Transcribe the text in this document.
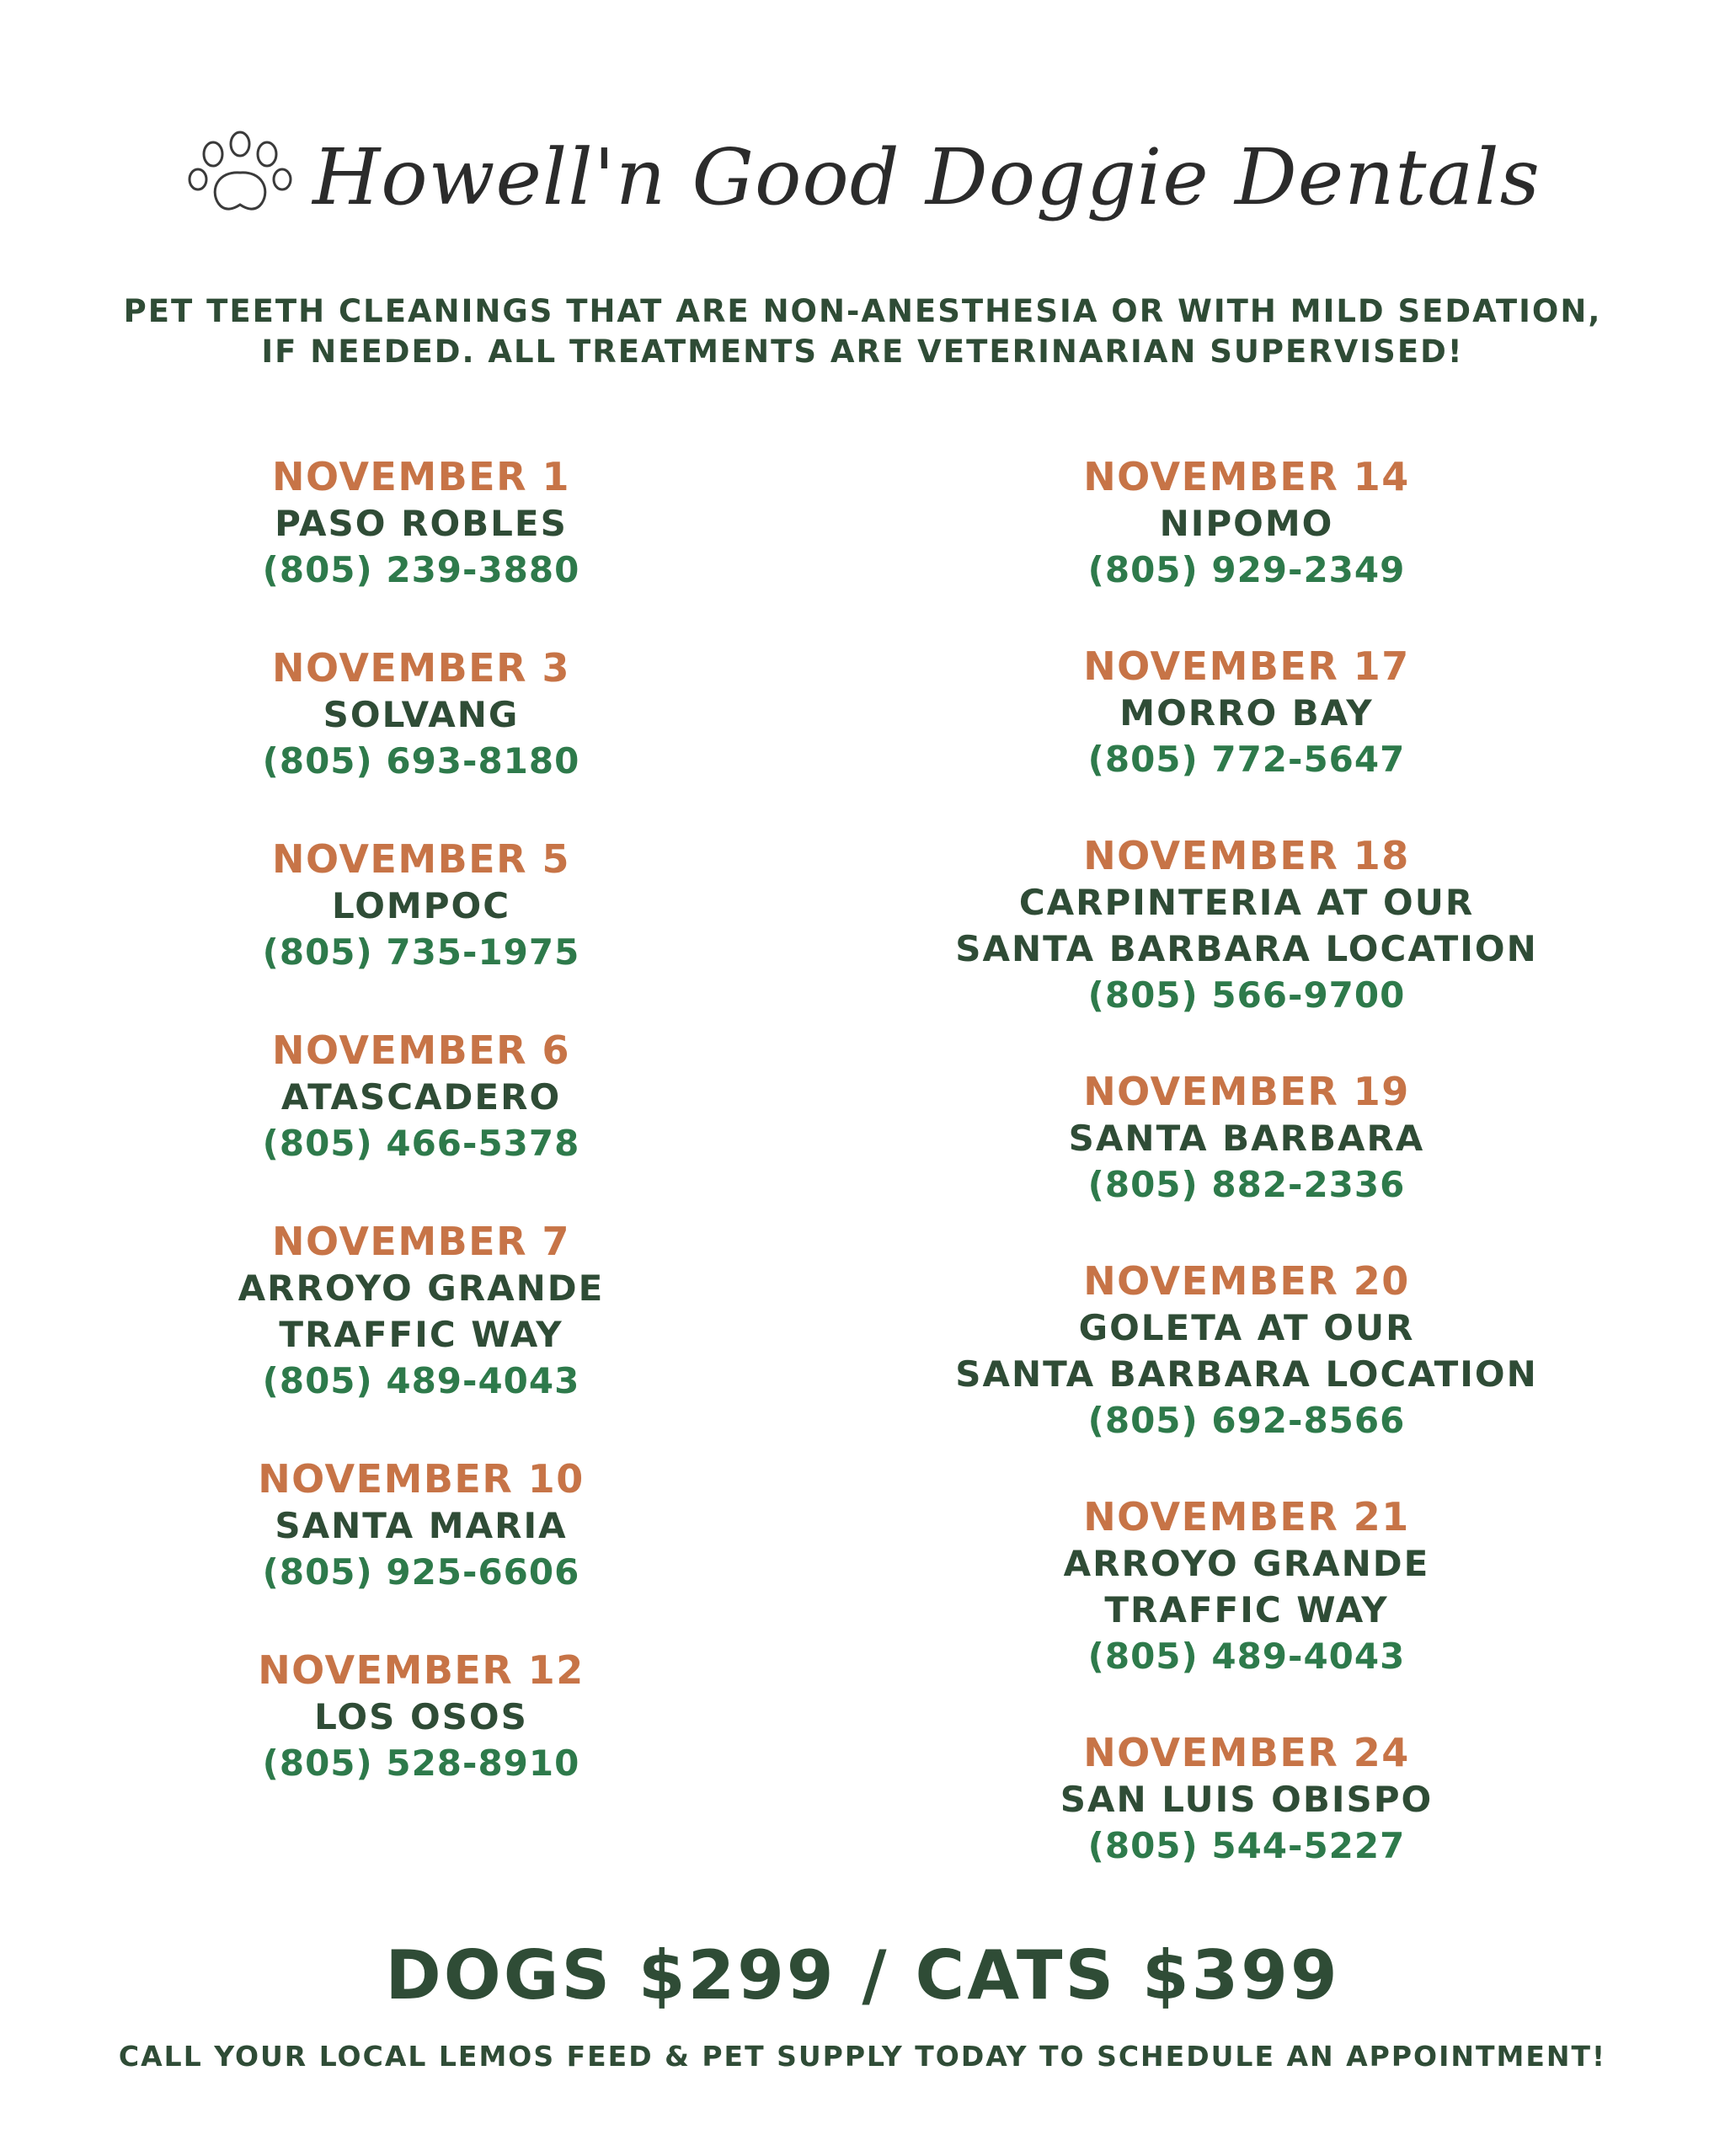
Howell'n Good Doggie Dentals
PET TEETH CLEANINGS THAT ARE NON-ANESTHESIA OR WITH MILD SEDATION,
IF NEEDED. ALL TREATMENTS ARE VETERINARIAN SUPERVISED!
NOVEMBER 1
PASO ROBLES
(805) 239-3880
NOVEMBER 3
SOLVANG
(805) 693-8180
NOVEMBER 5
LOMPOC
(805) 735-1975
NOVEMBER 6
ATASCADERO
(805) 466-5378
NOVEMBER 7
ARROYO GRANDE
TRAFFIC WAY
(805) 489-4043
NOVEMBER 10
SANTA MARIA
(805) 925-6606
NOVEMBER 12
LOS OSOS
(805) 528-8910
NOVEMBER 14
NIPOMO
(805) 929-2349
NOVEMBER 17
MORRO BAY
(805) 772-5647
NOVEMBER 18
CARPINTERIA AT OUR
SANTA BARBARA LOCATION
(805) 566-9700
NOVEMBER 19
SANTA BARBARA
(805) 882-2336
NOVEMBER 20
GOLETA AT OUR
SANTA BARBARA LOCATION
(805) 692-8566
NOVEMBER 21
ARROYO GRANDE
TRAFFIC WAY
(805) 489-4043
NOVEMBER 24
SAN LUIS OBISPO
(805) 544-5227
DOGS $299 / CATS $399
CALL YOUR LOCAL LEMOS FEED & PET SUPPLY TODAY TO SCHEDULE AN APPOINTMENT!
